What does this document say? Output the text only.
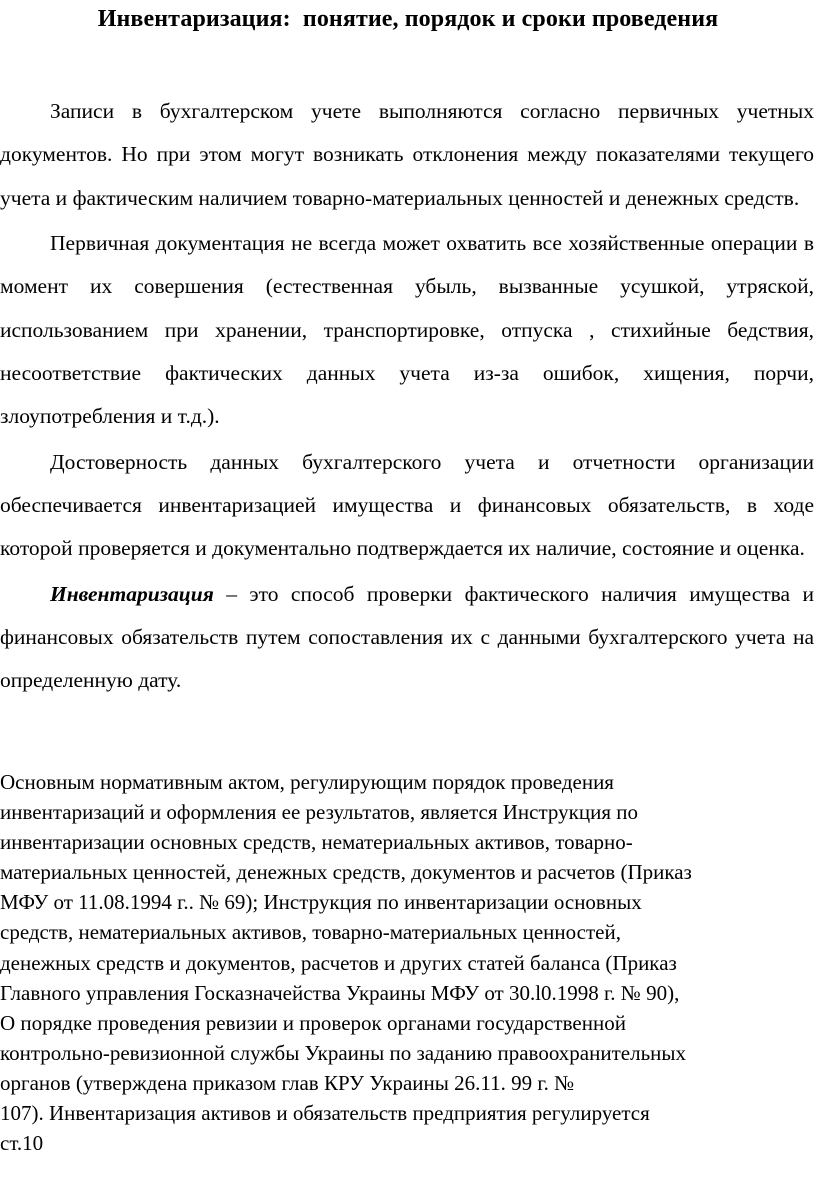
Инвентаризация:  понятие, порядок и сроки проведения

Записи в бухгалтерском учете выполняются согласно первичных учетных документов. Но при этом могут возникать отклонения между показателями текущего учета и фактическим наличием товарно-материальных ценностей и денежных средств.

Первичная документация не всегда может охватить все хозяйственные операции в момент их совершения (естественная убыль, вызванные усушкой, утряской, использованием при хранении, транспортировке, отпуска , стихийные бедствия, несоответствие фактических данных учета из-за ошибок, хищения, порчи, злоупотребления и т.д.).

Достоверность данных бухгалтерского учета и отчетности организации обеспечивается инвентаризацией имущества и финансовых обязательств, в ходе которой проверяется и документально подтверждается их наличие, состояние и оценка.

Инвентаризация – это способ проверки фактического наличия имущества и финансовых обязательств путем сопоставления их с данными бухгалтерского учета на определенную дату.

Основным нормативным актом, регулирующим порядок проведения

инвентаризаций и оформления ее результатов, является Инструкция по

инвентаризации основных средств, нематериальных активов, товарно-

материальных ценностей, денежных средств, документов и расчетов (Приказ

МФУ от 11.08.1994 г.. № 69); Инструкция по инвентаризации основных

средств, нематериальных активов, товарно-материальных ценностей,

денежных средств и документов, расчетов и других статей баланса (Приказ

Главного управления Госказначейства Украины МФУ от 30.l0.1998 г. № 90),

О порядке проведения ревизии и проверок органами государственной

контрольно-ревизионной службы Украины по заданию правоохранительных

органов (утверждена приказом глав КРУ Украины 26.11. 99 г. №

107). Инвентаризация активов и обязательств предприятия регулируется

ст.10
